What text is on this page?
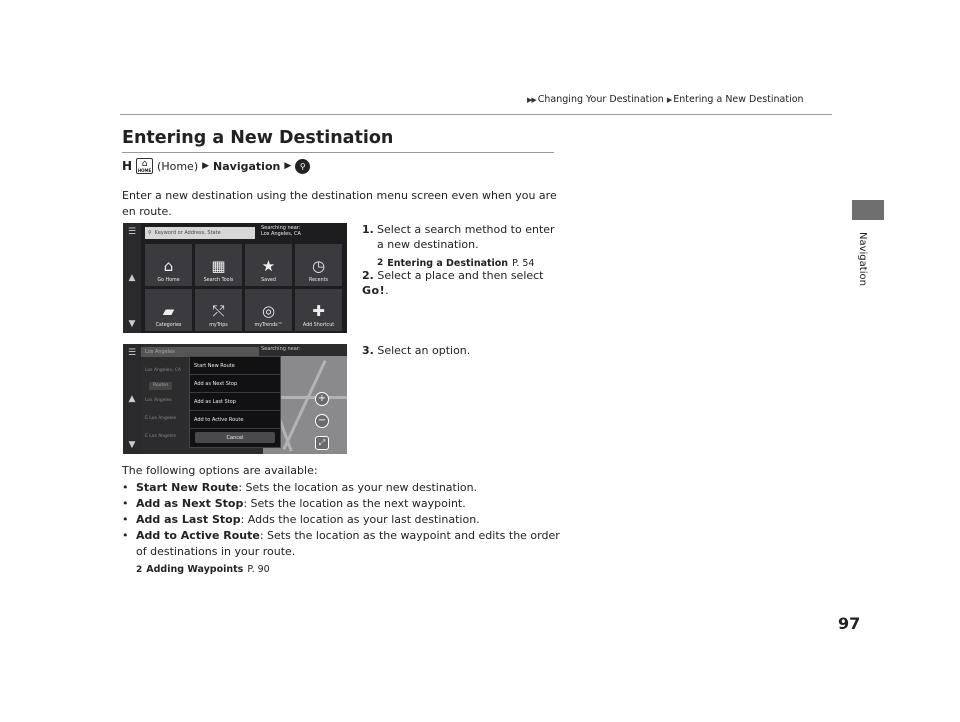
▶▶ Changing Your Destination ▶ Entering a New Destination
Navigation
97
Entering a New Destination
H ⌂
HOME (Home) ▶ Navigation ▶	⚲
Enter a new destination using the destination menu screen even when you are en route.
☰
▲
▼
⚲ Keyword or Address, State
Searching near:
Los Angeles, CA
⌂
Go Home
▦
Search Tools
★
Saved
◷
Recents
▰
Categories
⤲
myTrips
◎
myTrends™
✚
Add Shortcut
1. Select a search method to enter a new destination.
2 Entering a Destination P. 54
2. Select a place and then select Go!.
☰
▲
▼
Los Angeles	Searching near:
Los Angeles, CA
Routes
Los Angeles
E Los Angeles
E Los Angeles
+
−
⤢
Start New Route
Add as Next Stop
Add as Last Stop
Add to Active Route
Cancel
3. Select an option.
The following options are available:
• Start New Route: Sets the location as your new destination.
• Add as Next Stop: Sets the location as the next waypoint.
• Add as Last Stop: Adds the location as your last destination.
• Add to Active Route: Sets the location as the waypoint and edits the order of destinations in your route.
2 Adding Waypoints P. 90
